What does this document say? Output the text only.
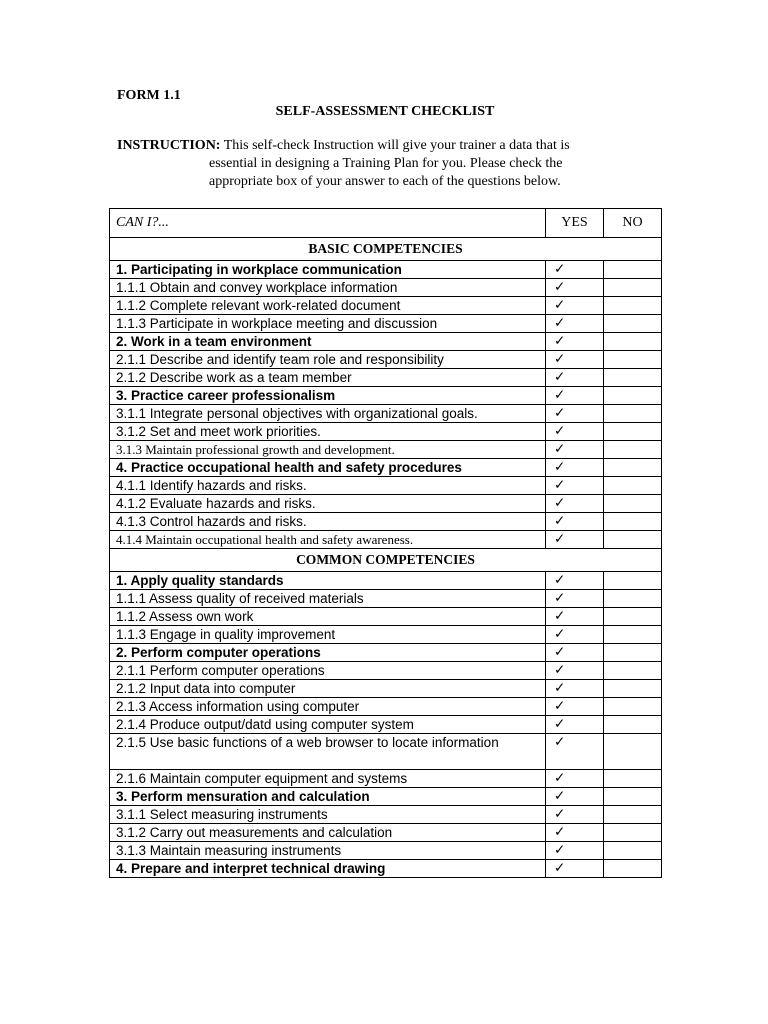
FORM 1.1
SELF-ASSESSMENT CHECKLIST
INSTRUCTION: This self-check Instruction will give your trainer a data that is
essential in designing a Training Plan for you. Please check the
appropriate box of your answer to each of the questions below.
CAN I?...	YES	NO
BASIC COMPETENCIES		
1. Participating in workplace communication	✓	
1.1.1 Obtain and convey workplace information	✓	
1.1.2 Complete relevant work-related document	✓	
1.1.3 Participate in workplace meeting and discussion	✓	
2. Work in a team environment	✓	
2.1.1 Describe and identify team role and responsibility	✓	
2.1.2 Describe work as a team member	✓	
3. Practice career professionalism	✓	
3.1.1 Integrate personal objectives with organizational goals.	✓	
3.1.2 Set and meet work priorities.	✓	
3.1.3 Maintain professional growth and development.	✓	
4. Practice occupational health and safety procedures	✓	
4.1.1 Identify hazards and risks.	✓	
4.1.2 Evaluate hazards and risks.	✓	
4.1.3 Control hazards and risks.	✓	
4.1.4 Maintain occupational health and safety awareness.	✓	
COMMON COMPETENCIES		
1. Apply quality standards	✓	
1.1.1 Assess quality of received materials	✓	
1.1.2 Assess own work	✓	
1.1.3 Engage in quality improvement	✓	
2. Perform computer operations	✓	
2.1.1 Perform computer operations	✓	
2.1.2 Input data into computer	✓	
2.1.3 Access information using computer	✓	
2.1.4 Produce output/datd using computer system	✓	
2.1.5 Use basic functions of a web browser to locate information	✓	
2.1.6 Maintain computer equipment and systems	✓	
3. Perform mensuration and calculation	✓	
3.1.1 Select measuring instruments	✓	
3.1.2 Carry out measurements and calculation	✓	
3.1.3 Maintain measuring instruments	✓	
4. Prepare and interpret technical drawing	✓	
